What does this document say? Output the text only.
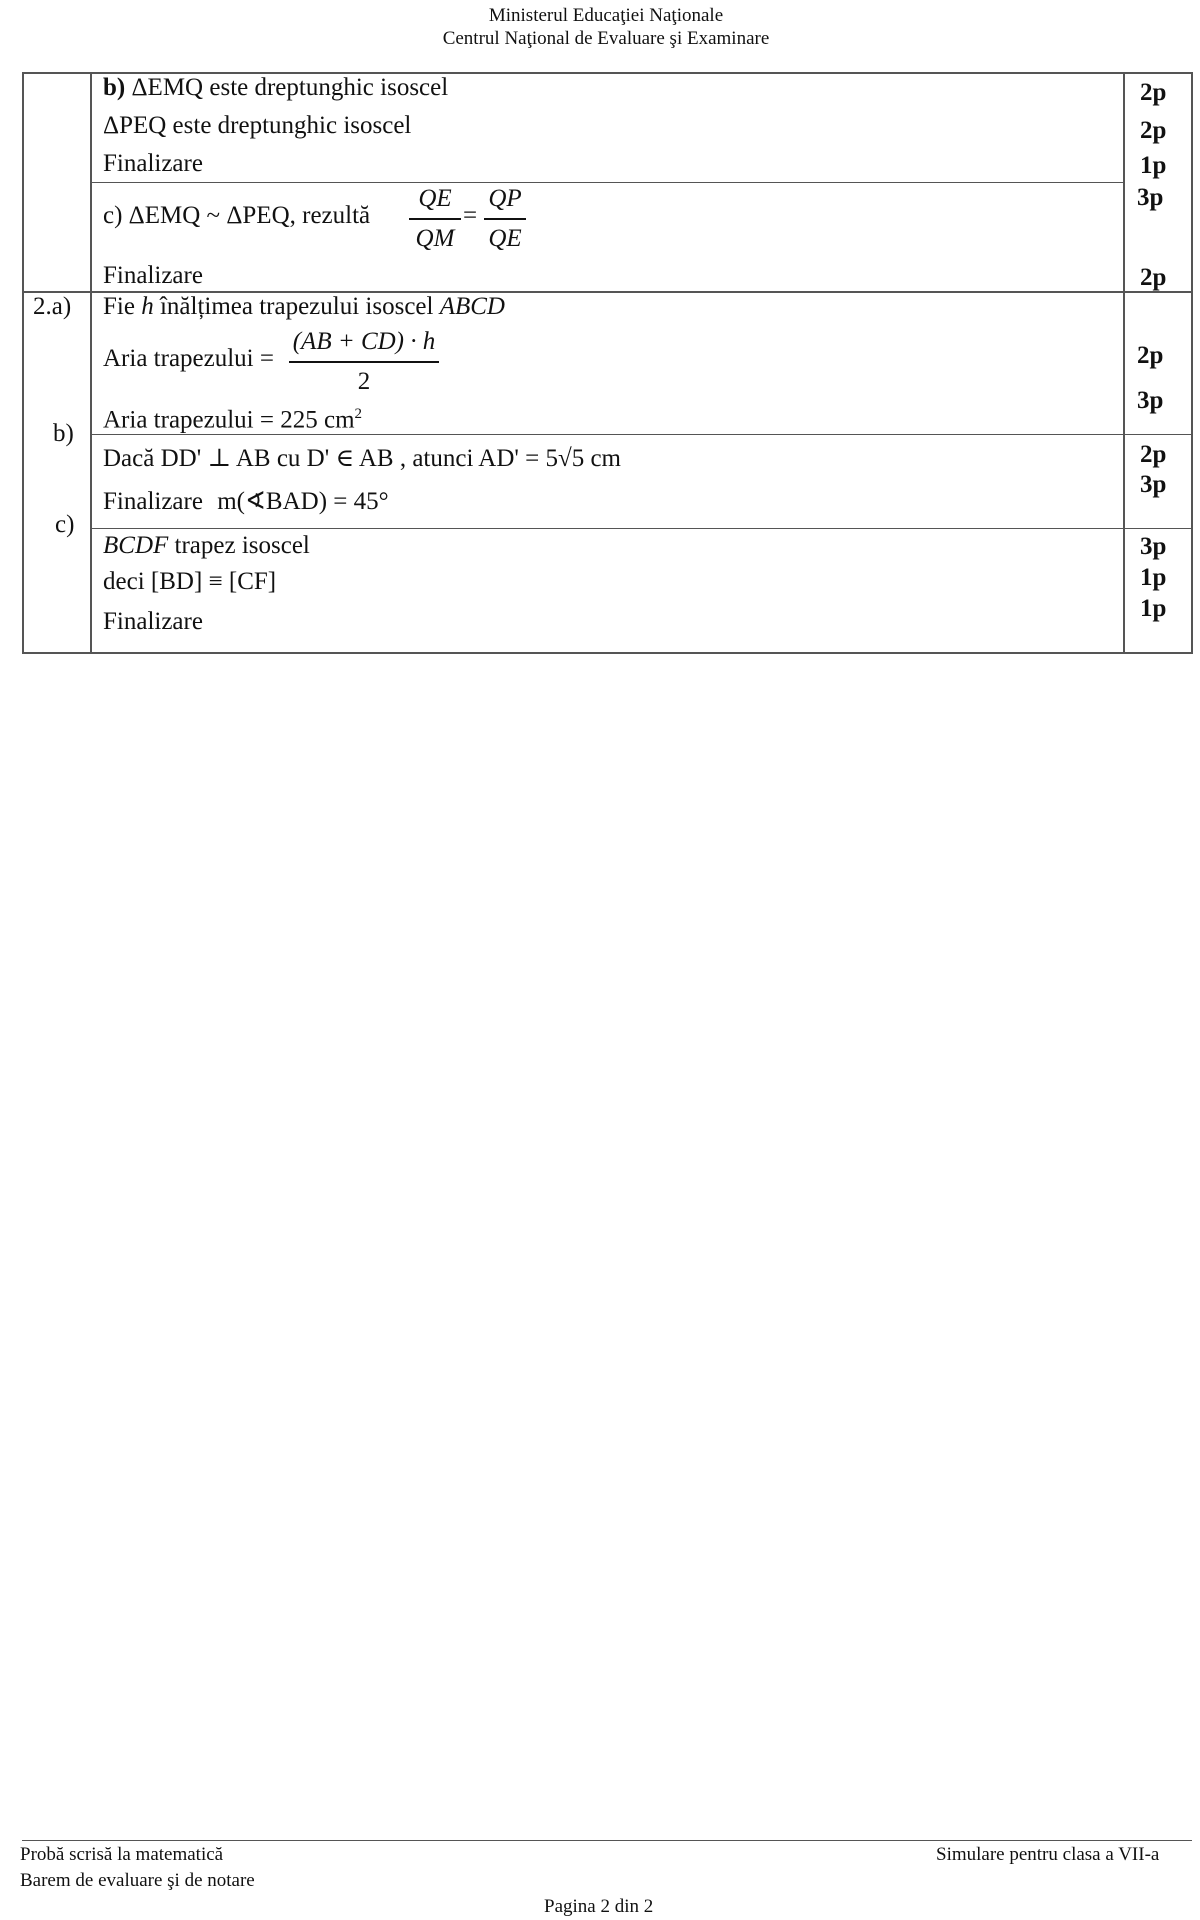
Ministerul Educaţiei Naţionale
Centrul Naţional de Evaluare şi Examinare
2.a)
b)
c)
b) ΔEMQ este dreptunghic isoscel
ΔPEQ este dreptunghic isoscel
Finalizare
c) ΔEMQ ~ ΔPEQ, rezultă
QE
QM
=
QP
QE
Finalizare
Fie h înălțimea trapezului isoscel ABCD
Aria trapezului =
(AB + CD) · h
2
Aria trapezului = 225 $cm^2$
Dacă DD' ⊥ AB cu D' ∈ AB , atunci AD' = 5√5 cm
Finalizare m(∢BAD) = 45°
BCDF trapez isoscel
deci [BD] ≡ [CF]
Finalizare
2p
2p
1p
3p
2p
2p
3p
2p
3p
3p
1p
1p
Probă scrisă la matematică
Barem de evaluare şi de notare
Simulare pentru clasa a VII-a
Pagina 2 din 2
